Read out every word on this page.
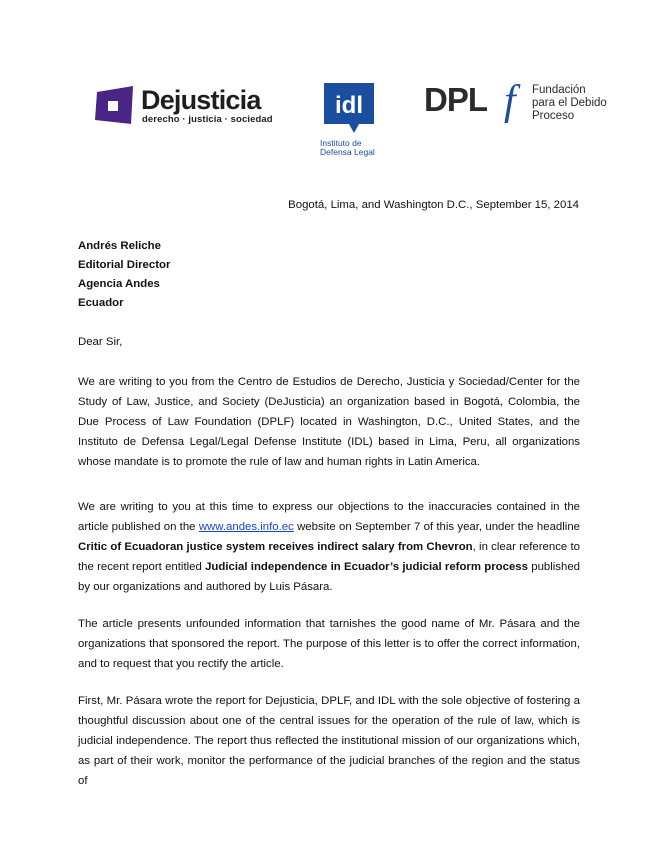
Dejusticia
derecho · justicia · sociedad
idl
Instituto de
Defensa Legal
DPL f	Fundación
para el Debido
Proceso
Bogotá, Lima, and Washington D.C., September 15, 2014
Andrés Reliche
Editorial Director
Agencia Andes
Ecuador
Dear Sir,

We are writing to you from the Centro de Estudios de Derecho, Justicia y Sociedad/Center for the Study of Law, Justice, and Society (DeJusticia) an organization based in Bogotá, Colombia, the Due Process of Law Foundation (DPLF) located in Washington, D.C., United States, and the Instituto de Defensa Legal/Legal Defense Institute (IDL) based in Lima, Peru, all organizations whose mandate is to promote the rule of law and human rights in Latin America.

We are writing to you at this time to express our objections to the inaccuracies contained in the article published on the www.andes.info.ec website on September 7 of this year, under the headline Critic of Ecuadoran justice system receives indirect salary from Chevron, in clear reference to the recent report entitled Judicial independence in Ecuador’s judicial reform process published by our organizations and authored by Luis Pásara.

The article presents unfounded information that tarnishes the good name of Mr. Pásara and the organizations that sponsored the report. The purpose of this letter is to offer the correct information, and to request that you rectify the article.

First, Mr. Pásara wrote the report for Dejusticia, DPLF, and IDL with the sole objective of fostering a thoughtful discussion about one of the central issues for the operation of the rule of law, which is judicial independence. The report thus reflected the institutional mission of our organizations which, as part of their work, monitor the performance of the judicial branches of the region and the status of
